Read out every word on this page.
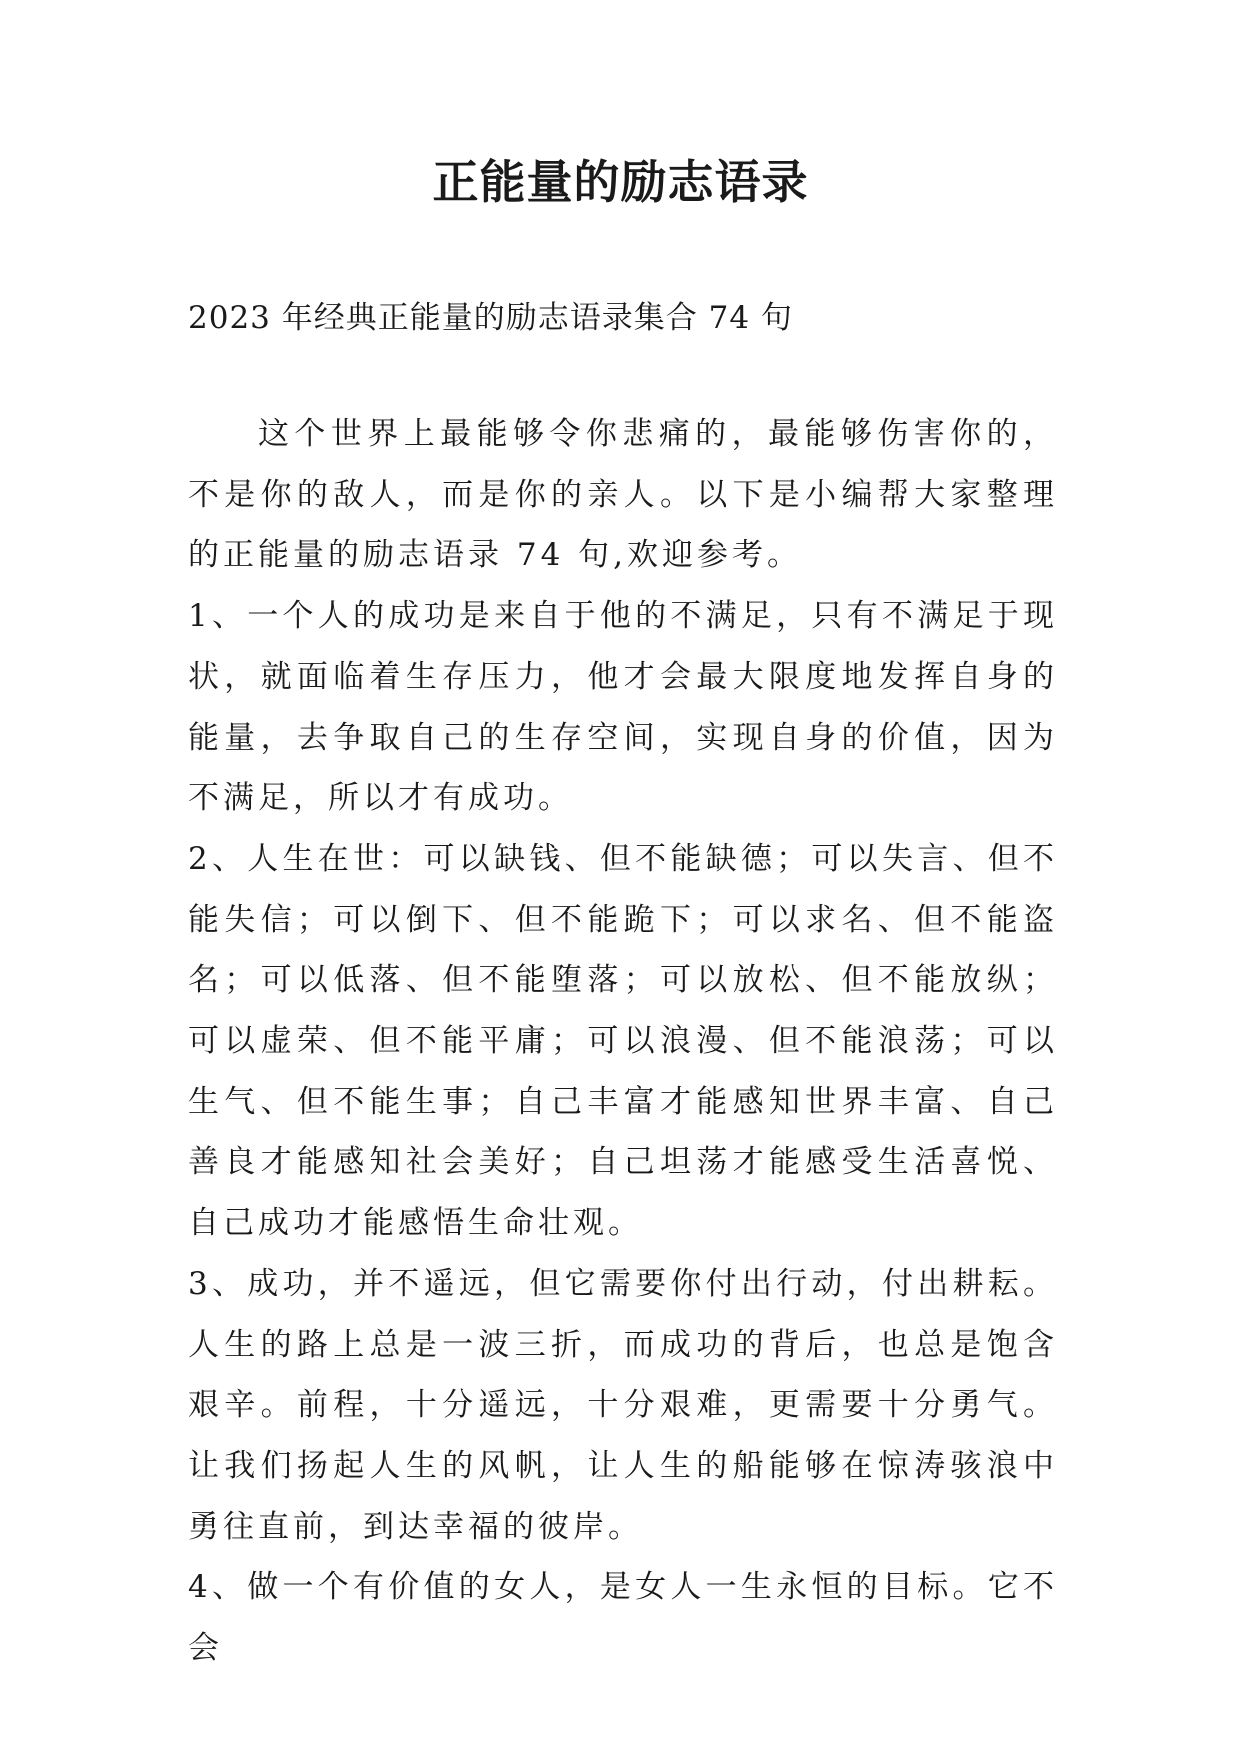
正能量的励志语录

2023 年经典正能量的励志语录集合 74 句

这个世界上最能够令你悲痛的，最能够伤害你的，不是你的敌人，而是你的亲人。以下是小编帮大家整理的正能量的励志语录 74 句,欢迎参考。

1、一个人的成功是来自于他的不满足，只有不满足于现状，就面临着生存压力，他才会最大限度地发挥自身的能量，去争取自己的生存空间，实现自身的价值，因为不满足，所以才有成功。

2、人生在世：可以缺钱、但不能缺德；可以失言、但不能失信；可以倒下、但不能跪下；可以求名、但不能盗名；可以低落、但不能堕落；可以放松、但不能放纵；可以虚荣、但不能平庸；可以浪漫、但不能浪荡；可以生气、但不能生事；自己丰富才能感知世界丰富、自己善良才能感知社会美好；自己坦荡才能感受生活喜悦、自己成功才能感悟生命壮观。

3、成功，并不遥远，但它需要你付出行动，付出耕耘。人生的路上总是一波三折，而成功的背后，也总是饱含艰辛。前程，十分遥远，十分艰难，更需要十分勇气。让我们扬起人生的风帆，让人生的船能够在惊涛骇浪中勇往直前，到达幸福的彼岸。

4、做一个有价值的女人，是女人一生永恒的目标。它不会
